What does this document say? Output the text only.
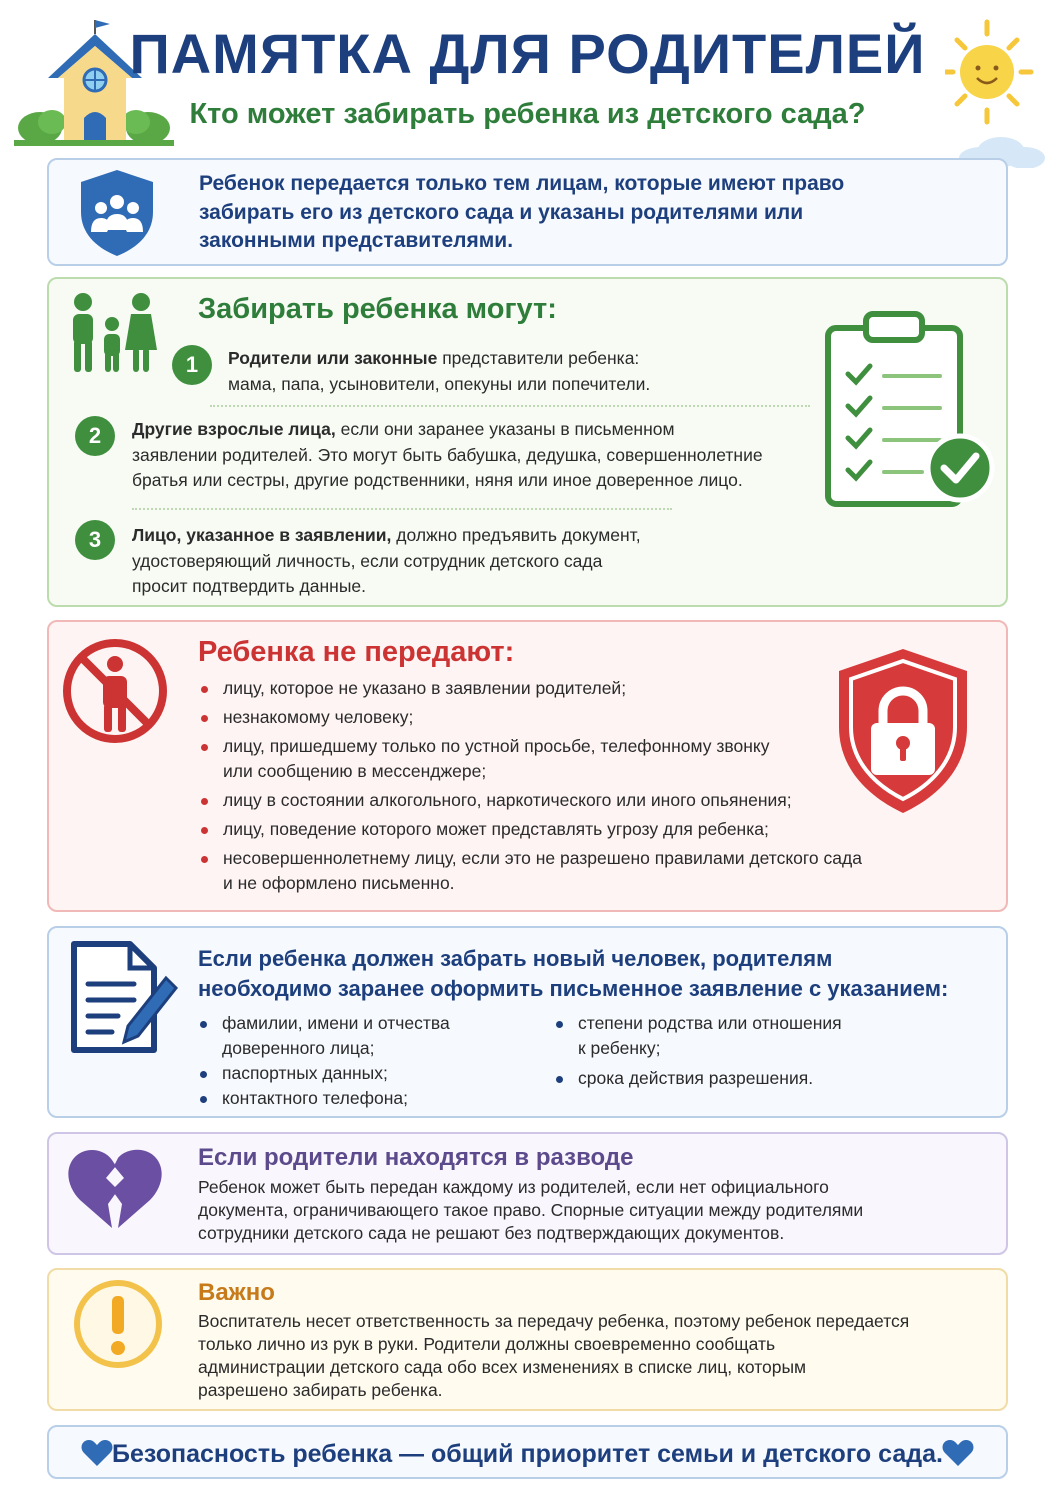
ПАМЯТКА ДЛЯ РОДИТЕЛЕЙ
Кто может забирать ребенка из детского сада?
Ребенок передается только тем лицам, которые имеют право забирать его из детского сада и указаны родителями или законными представителями.
Забирать ребенка могут:
1	Родители или законные представители ребенка:
мама, папа, усыновители, опекуны или попечители.
2	Другие взрослые лица, если они заранее указаны в письменном
заявлении родителей. Это могут быть бабушка, дедушка, совершеннолетние
братья или сестры, другие родственники, няня или иное доверенное лицо.
3	Лицо, указанное в заявлении, должно предъявить документ,
удостоверяющий личность, если сотрудник детского сада
просит подтвердить данные.
Ребенка не передают:
лицу, которое не указано в заявлении родителей;
незнакомому человеку;
лицу, пришедшему только по устной просьбе, телефонному звонку
или сообщению в мессенджере;
лицу в состоянии алкогольного, наркотического или иного опьянения;
лицу, поведение которого может представлять угрозу для ребенка;
несовершеннолетнему лицу, если это не разрешено правилами детского сада
и не оформлено письменно.
Если ребенка должен забрать новый человек, родителям
необходимо заранее оформить письменное заявление с указанием:
фамилии, имени и отчества
доверенного лица;
паспортных данных;
контактного телефона;
степени родства или отношения
к ребенку;
срока действия разрешения.
Если родители находятся в разводе
Ребенок может быть передан каждому из родителей, если нет официального
документа, ограничивающего такое право. Спорные ситуации между родителями
сотрудники детского сада не решают без подтверждающих документов.
Важно
Воспитатель несет ответственность за передачу ребенка, поэтому ребенок передается
только лично из рук в руки. Родители должны своевременно сообщать
администрации детского сада обо всех изменениях в списке лиц, которым
разрешено забирать ребенка.
Безопасность ребенка — общий приоритет семьи и детского сада.
